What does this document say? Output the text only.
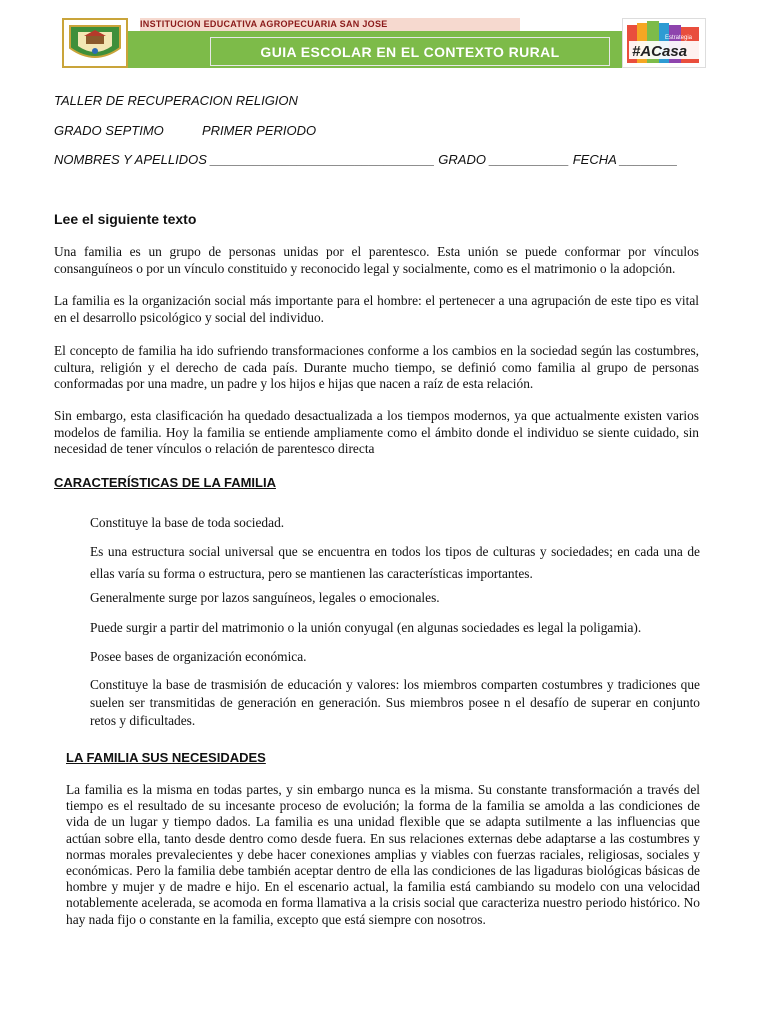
INSTITUCION EDUCATIVA AGROPECUARIA SAN JOSE
GUIA ESCOLAR EN EL CONTEXTO RURAL	#ACasa
Estrategia
TALLER DE RECUPERACION RELIGION
GRADO SEPTIMO	PRIMER PERIODO
NOMBRES Y APELLIDOS _______________________________ GRADO ___________ FECHA ________
Lee el siguiente texto
Una familia es un grupo de personas unidas por el parentesco. Esta unión se puede conformar por vínculos consanguíneos o por un vínculo constituido y reconocido legal y socialmente, como es el matrimonio o la adopción.
La familia es la organización social más importante para el hombre: el pertenecer a una agrupación de este tipo es vital en el desarrollo psicológico y social del individuo.
El concepto de familia ha ido sufriendo transformaciones conforme a los cambios en la sociedad según las costumbres, cultura, religión y el derecho de cada país. Durante mucho tiempo, se definió como familia al grupo de personas conformadas por una madre, un padre y los hijos e hijas que nacen a raíz de esta relación.
Sin embargo, esta clasificación ha quedado desactualizada a los tiempos modernos, ya que actualmente existen varios modelos de familia. Hoy la familia se entiende ampliamente como el ámbito donde el individuo se siente cuidado, sin necesidad de tener vínculos o relación de parentesco directa
CARACTERÍSTICAS DE LA FAMILIA
Constituye la base de toda sociedad.
Es una estructura social universal que se encuentra en todos los tipos de culturas y sociedades; en cada una de ellas varía su forma o estructura, pero se mantienen las características importantes.
Generalmente surge por lazos sanguíneos, legales o emocionales.
Puede surgir a partir del matrimonio o la unión conyugal (en algunas sociedades es legal la poligamia).
Posee bases de organización económica.
Constituye la base de trasmisión de educación y valores: los miembros comparten costumbres y tradiciones que suelen ser transmitidas de generación en generación. Sus miembros posee n el desafío de superar en conjunto retos y dificultades.
LA FAMILIA SUS NECESIDADES
La familia es la misma en todas partes, y sin embargo nunca es la misma. Su constante transformación a través del tiempo es el resultado de su incesante proceso de evolución; la forma de la familia se amolda a las condiciones de vida de un lugar y tiempo dados. La familia es una unidad flexible que se adapta sutilmente a las influencias que actúan sobre ella, tanto desde dentro como desde fuera. En sus relaciones externas debe adaptarse a las costumbres y normas morales prevalecientes y debe hacer conexiones amplias y viables con fuerzas raciales, religiosas, sociales y económicas. Pero la familia debe también aceptar dentro de ella las condiciones de las ligaduras biológicas básicas de hombre y mujer y de madre e hijo. En el escenario actual, la familia está cambiando su modelo con una velocidad notablemente acelerada, se acomoda en forma llamativa a la crisis social que caracteriza nuestro periodo histórico. No hay nada fijo o constante en la familia, excepto que está siempre con nosotros.
